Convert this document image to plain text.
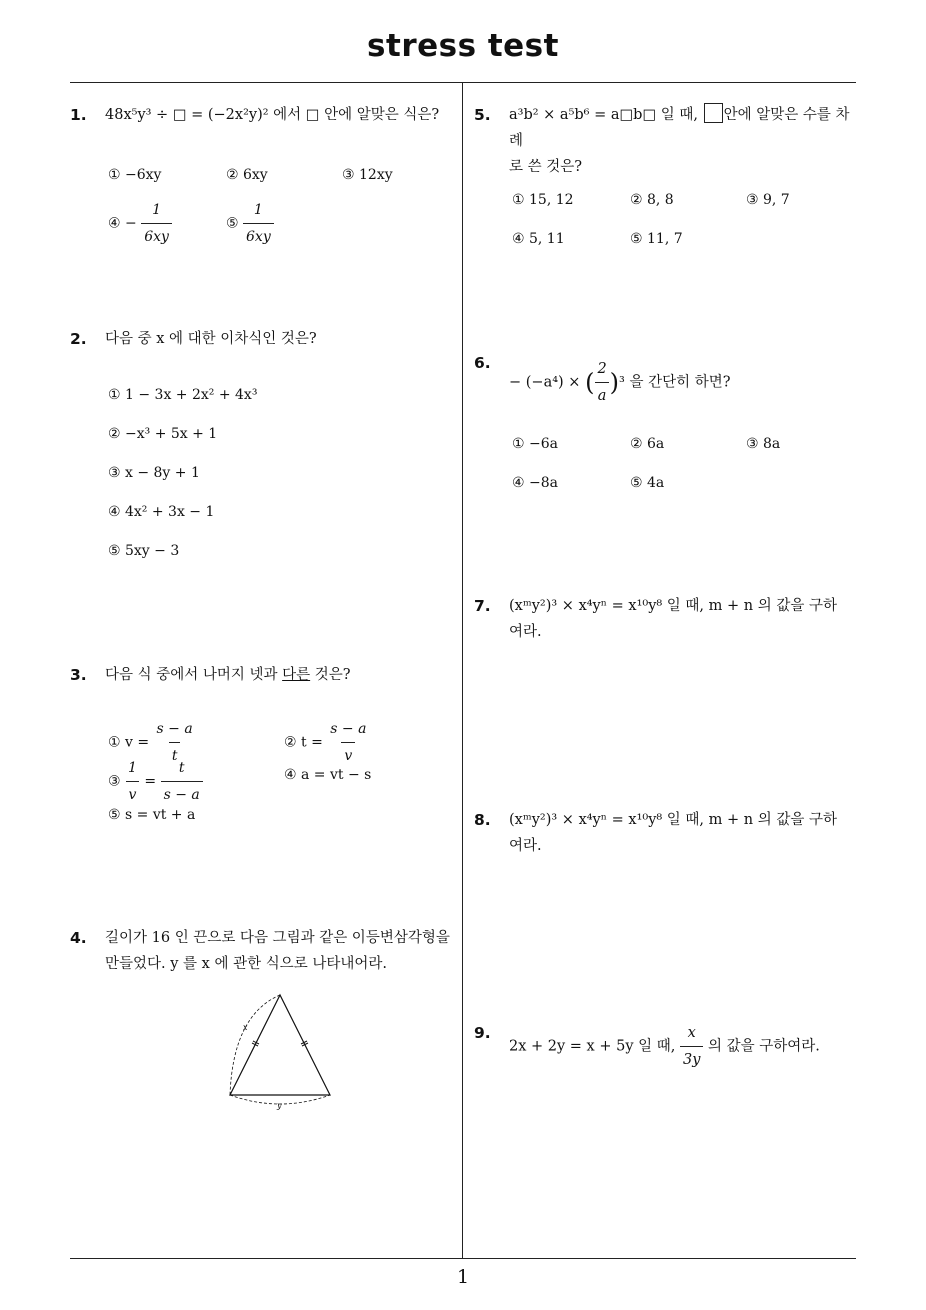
stress test
1
1. 48x⁵y³ ÷ □ = (−2x²y)² 에서 □ 안에 알맞은 식은?
① −6xy	② 6xy	③ 12xy
④ − $\frac{1}{6xy}$	⑤ $\frac{1}{6xy}$
2. 다음 중 x 에 대한 이차식인 것은?
① 1 − 3x + 2x² + 4x³
② −x³ + 5x + 1
③ x − 8y + 1
④ 4x² + 3x − 1
⑤ 5xy − 3
3. 다음 식 중에서 나머지 넷과 다른 것은?
① $v = \frac{s - a}{t}$	② $t = \frac{s - a}{v}$
③ $\frac{1}{v} = \frac{t}{s - a}$	④ a = vt − s
⑤ s = vt + a
4. 길이가 16 인 끈으로 다음 그림과 같은 이등변삼각형을
만들었다. y 를 x 에 관한 식으로 나타내어라.
x
y
5. a³b² × a⁵b⁶ = a□b□ 일 때, 안에 알맞은 수를 차례
로 쓴 것은?
① 15, 12	② 8, 8	③ 9, 7
④ 5, 11	⑤ 11, 7
6.
− (−a⁴) × ( $\frac{2}{a} )^3$ 을 간단히 하면?
① −6a	② 6a	③ 8a
④ −8a	⑤ 4a
7. (xᵐy²)³ × x⁴yⁿ = x¹⁰y⁸ 일 때, m + n 의 값을 구하
여라.
8. (xᵐy²)³ × x⁴yⁿ = x¹⁰y⁸ 일 때, m + n 의 값을 구하
여라.
9.
2x + 2y = x + 5y 일 때, $\frac{x}{3y}$ 의 값을 구하여라.
